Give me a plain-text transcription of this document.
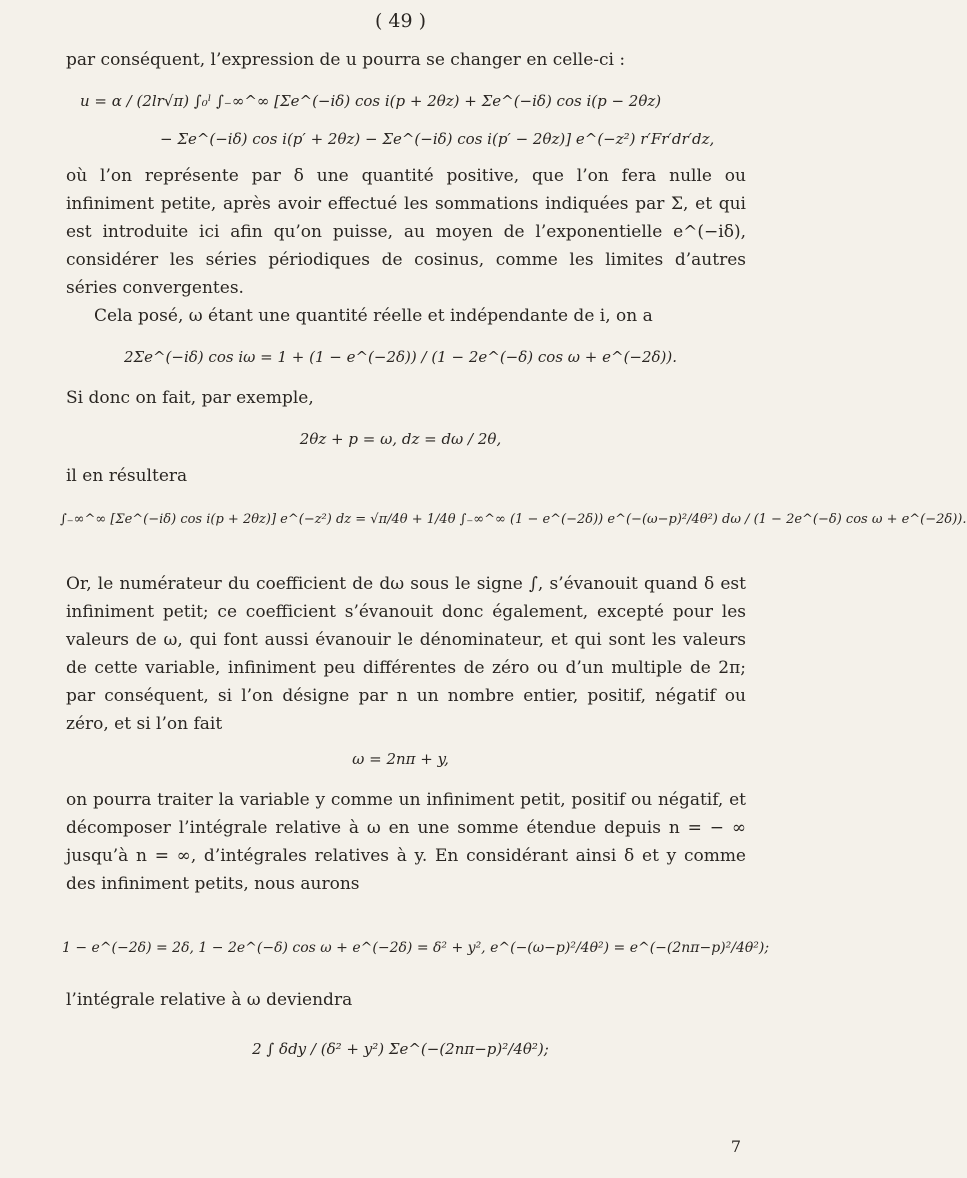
( 49 )
par conséquent, l’expression de u pourra se changer en celle-ci :
u = α / (2lr√π) ∫₀ˡ ∫₋∞^∞ [Σe^(−iδ) cos i(p + 2θz) + Σe^(−iδ) cos i(p − 2θz)
− Σe^(−iδ) cos i(p′ + 2θz) − Σe^(−iδ) cos i(p′ − 2θz)] e^(−z²) r′Fr′dr′dz,
où l’on représente par δ une quantité positive, que l’on fera nulle ou infiniment petite, après avoir effectué les sommations indiquées par Σ, et qui est introduite ici afin qu’on puisse, au moyen de l’exponentielle e^(−iδ), considérer les séries périodiques de cosinus, comme les limites d’autres séries convergentes.
Cela posé, ω étant une quantité réelle et indépendante de i, on a
2Σe^(−iδ) cos iω = 1 + (1 − e^(−2δ)) / (1 − 2e^(−δ) cos ω + e^(−2δ)).
Si donc on fait, par exemple,
2θz + p = ω, dz = dω / 2θ,
il en résultera
∫₋∞^∞ [Σe^(−iδ) cos i(p + 2θz)] e^(−z²) dz = √π/4θ + 1/4θ ∫₋∞^∞ (1 − e^(−2δ)) e^(−(ω−p)²/4θ²) dω / (1 − 2e^(−δ) cos ω + e^(−2δ)).
Or, le numérateur du coefficient de dω sous le signe ∫, s’évanouit quand δ est infiniment petit; ce coefficient s’évanouit donc également, excepté pour les valeurs de ω, qui font aussi évanouir le dénominateur, et qui sont les valeurs de cette variable, infiniment peu différentes de zéro ou d’un multiple de 2π; par conséquent, si l’on désigne par n un nombre entier, positif, négatif ou zéro, et si l’on fait
ω = 2nπ + y,
on pourra traiter la variable y comme un infiniment petit, positif ou négatif, et décomposer l’intégrale relative à ω en une somme étendue depuis n = − ∞ jusqu’à n = ∞, d’intégrales relatives à y. En considérant ainsi δ et y comme des infiniment petits, nous aurons
1 − e^(−2δ) = 2δ, 1 − 2e^(−δ) cos ω + e^(−2δ) = δ² + y², e^(−(ω−p)²/4θ²) = e^(−(2nπ−p)²/4θ²);
l’intégrale relative à ω deviendra
2 ∫ δdy / (δ² + y²) Σe^(−(2nπ−p)²/4θ²);
7
